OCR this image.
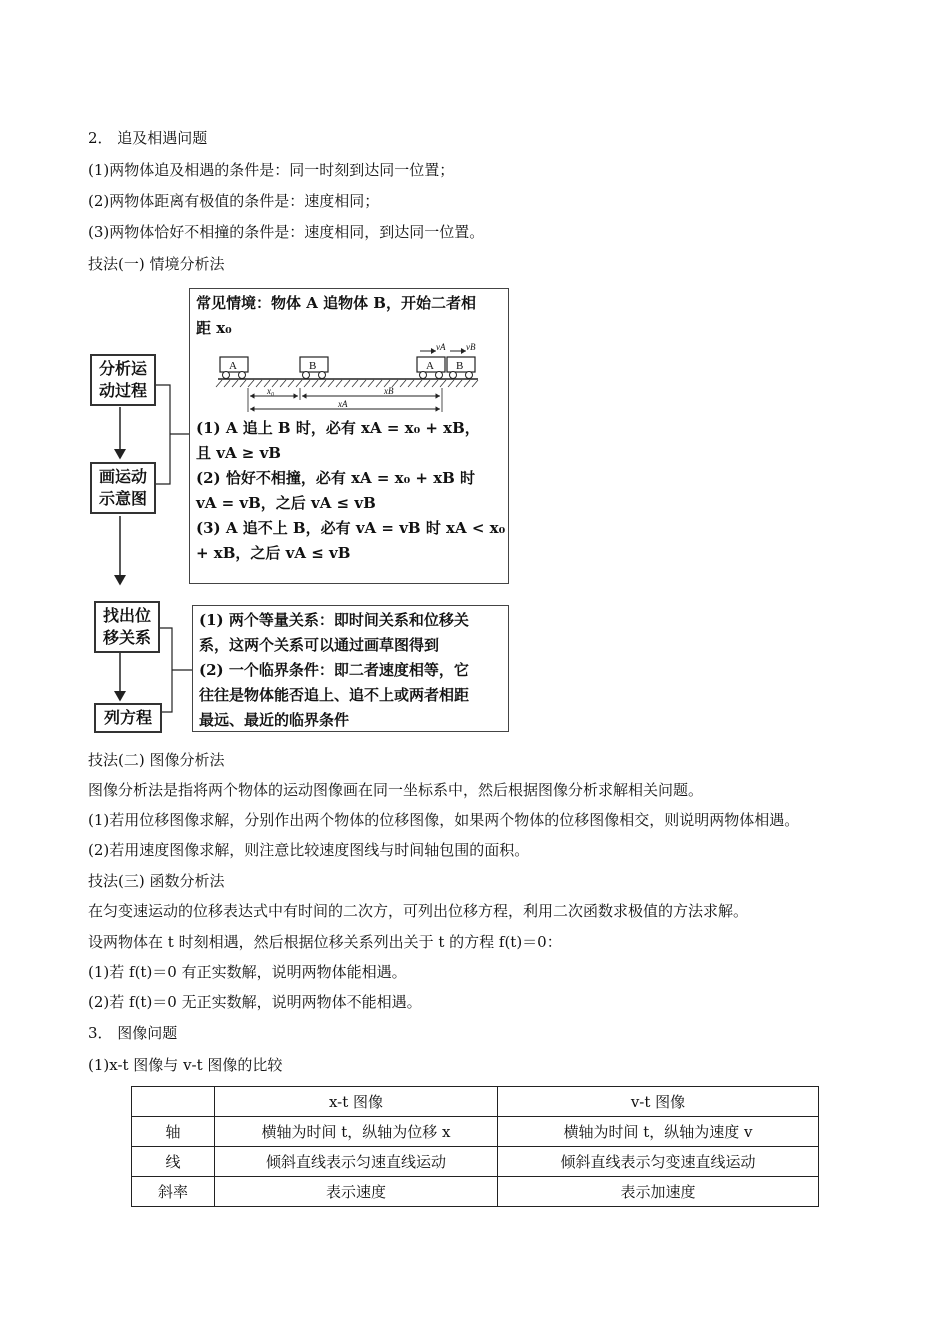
2． 追及相遇问题
(1)两物体追及相遇的条件是：同一时刻到达同一位置；
(2)两物体距离有极值的条件是：速度相同；
(3)两物体恰好不相撞的条件是：速度相同，到达同一位置。
技法(一) 情境分析法
A	B	A B
vA vB
x₀	xB
xA
分析运
动过程
画运动
示意图
找出位
移关系
列方程
常见情境：物体 A 追物体 B，开始二者相
距 x₀
(1) A 追上 B 时，必有 xA = x₀ + xB，
且 vA ≥ vB
(2) 恰好不相撞，必有 xA = x₀ + xB 时
vA = vB，之后 vA ≤ vB
(3) A 追不上 B，必有 vA = vB 时 xA < x₀
+ xB，之后 vA ≤ vB
(1) 两个等量关系：即时间关系和位移关
系，这两个关系可以通过画草图得到
(2) 一个临界条件：即二者速度相等，它
往往是物体能否追上、追不上或两者相距
最远、最近的临界条件
技法(二) 图像分析法
图像分析法是指将两个物体的运动图像画在同一坐标系中，然后根据图像分析求解相关问题。
(1)若用位移图像求解，分别作出两个物体的位移图像，如果两个物体的位移图像相交，则说明两物体相遇。
(2)若用速度图像求解，则注意比较速度图线与时间轴包围的面积。
技法(三) 函数分析法
在匀变速运动的位移表达式中有时间的二次方，可列出位移方程，利用二次函数求极值的方法求解。
设两物体在 t 时刻相遇，然后根据位移关系列出关于 t 的方程 f(t)＝0：
(1)若 f(t)＝0 有正实数解，说明两物体能相遇。
(2)若 f(t)＝0 无正实数解，说明两物体不能相遇。
3． 图像问题
(1)x-t 图像与 v-t 图像的比较
	x-t 图像	v-t 图像
轴	横轴为时间 t，纵轴为位移 x	横轴为时间 t，纵轴为速度 v
线	倾斜直线表示匀速直线运动	倾斜直线表示匀变速直线运动
斜率	表示速度	表示加速度
